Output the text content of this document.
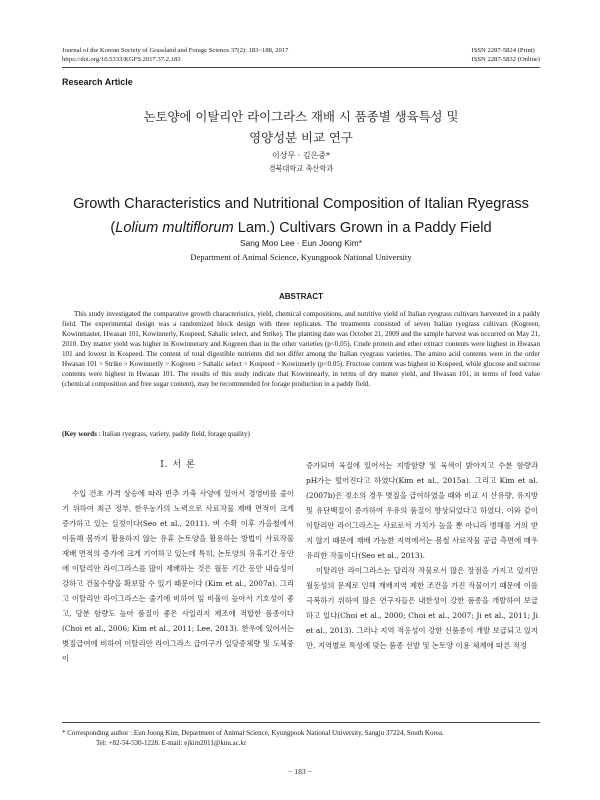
Journal of the Korean Society of Grassland and Forage Science 37(2): 183~188, 2017
https://doi.org/10.5333/KGFS.2017.37.2.183
ISSN 2287-5824 (Print)
ISSN 2287-5832 (Online)
Research Article
논토양에 이탈리안 라이그라스 재배 시 품종별 생육특성 및
영양성분 비교 연구
이상무 · 김은중*
경북대학교 축산학과
Growth Characteristics and Nutritional Composition of Italian Ryegrass
(Lolium multiflorum Lam.) Cultivars Grown in a Paddy Field
Sang Moo Lee · Eun Joong Kim*
Department of Animal Science, Kyungpook National University
ABSTRACT

This study investigated the comparative growth characteristics, yield, chemical compositions, and nutritive yield of Italian ryegrass cultivars harvested in a paddy field. The experimental design was a randomized block design with three replicates. The treatments consisted of seven Italian ryegrass cultivars (Kogreen, Kowinmaster, Hwasan 101, Kowinnerly, Kospeed, Sahalic select, and Strike). The planting date was October 21, 2009 and the sample harvest was occurred on May 21, 2010. Dry matter yield was higher in Kowinnerary and Kogreen than in the other varieties (p<0.05). Crude protein and ether extract contents were highest in Hwasan 101 and lowest in Kospeed. The content of total digestible nutrients did not differ among the Italian ryegrass varieties. The amino acid contents were in the order Hwasan 101 > Strike > Kowinnerly > Kogreen > Sahalic select > Kospeed > Kowinnerly (p<0.05). Fructose content was highest in Kospeed, while glucose and sucrose contents were highest in Hwasan 101. The results of this study indicate that Kowinnearly, in terms of dry matter yield, and Hwasan 101, in terms of feed value (chemical composition and free sugar content), may be recommended for forage production in a paddy field.

(Key words : Italian ryegrass, variety, paddy field, forage quality)

Ⅰ. 서 론

수입 건초 가격 상승에 따라 반추 가축 사양에 있어서 경영비를 줄이기 위하여 최근 정부, 한우농가의 노력으로 사료작물 재배 면적이 크게 증가하고 있는 실정이다(Seo et al., 2011). 벼 수확 이후 가을철에서 이듬해 봄까지 활용하지 않는 유휴 논토양을 활용하는 방법이 사료작물 재배 면적의 증가에 크게 기여하고 있는데 특히, 논토양의 유휴기간 동안에 이탈리안 라이그라스를 많이 재배하는 것은 월동 기간 동안 내습성이 강하고 건물수량을 확보할 수 있기 때문이다 (Kim et al., 2007a). 그리고 이탈리안 라이그라스는 줄기에 비하여 잎 비율이 높아서 기호성이 좋고, 당분 함량도 높아 품질이 좋은 사일리지 제조에 적합한 품종이다(Choi et al., 2006; Kim et al., 2011; Lee, 2013). 한우에 있어서는 볏짚급여에 비하여 이탈리안 라이그라스 급여구가 일당증체량 및 도체중이

증가되며 육질에 있어서는 지방함량 및 육색이 밝아지고 수분 함량과 pH가는 떨어진다고 하였다(Kim et al., 2015a). 그리고 Kim et al. (2007b)은 젖소의 경우 볏짚을 급여하였을 때와 비교 시 산유량, 유지방 및 유단백질이 증가하여 우유의 품질이 향상되었다고 하였다. 이와 같이 이탈리안 라이그라스는 사료로서 가치가 높을 뿐 아니라 병해를 거의 받지 않기 때문에 재배 가능한 지역에서는 봄철 사료작물 공급 측면에 매우 유리한 작물이다(Seo et al., 2013).

이탈리안 라이그라스는 답리작 작물로서 많은 장점을 가지고 있지만 월동성의 문제로 인해 재배지역 제한 조건을 가진 작물이기 때문에 이를 극복하기 위하여 많은 연구자들은 내한성이 강한 품종을 개발하여 보급하고 있다(Choi et al., 2000; Choi et al., 2007; Ji et al., 2011; Ji et al., 2013). 그러나 지역 적응성이 강한 신품종이 개발 보급되고 있지만, 지역별로 특성에 맞는 품종 선발 및 논토양 이용 체계에 따른 적정

* Corresponding author : Eun Joong Kim, Department of Animal Science, Kyungpook National University, Sangju 37224, South Korea.
Tel: +82-54-530-1228. E-mail: ejkim2011@knu.ac.kr
− 183 −
